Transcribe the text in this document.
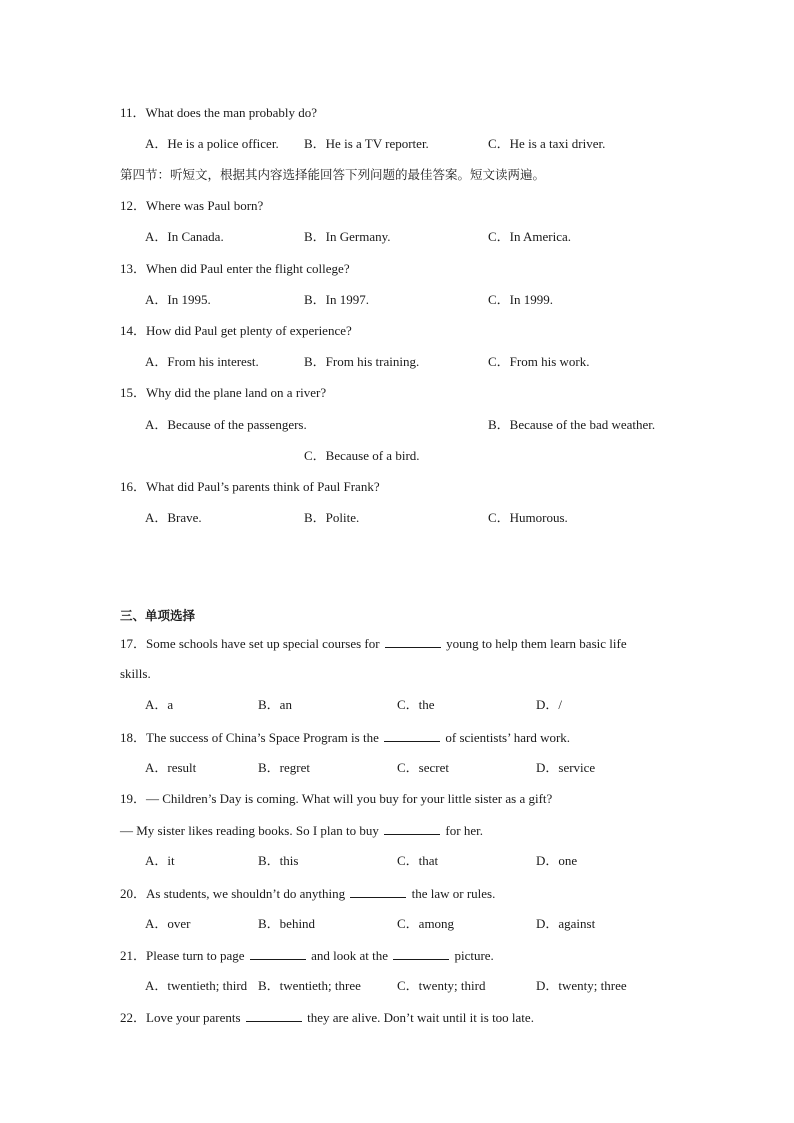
11．What does the man probably do?
A．He is a police officer. B．He is a TV reporter.	C．He is a taxi driver.
第四节：听短文，根据其内容选择能回答下列问题的最佳答案。短文读两遍。
12．Where was Paul born?
A．In Canada.	B．In Germany.	C．In America.
13．When did Paul enter the flight college?
A．In 1995.	B．In 1997.	C．In 1999.
14．How did Paul get plenty of experience?
A．From his interest.	B．From his training.	C．From his work.
15．Why did the plane land on a river?
A．Because of the passengers.	B．Because of the bad weather.
C．Because of a bird.
16．What did Paul’s parents think of Paul Frank?
A．Brave.	B．Polite.	C．Humorous.
三、单项选择
17．Some schools have set up special courses for	young to help them learn basic life
skills.
A．a	B．an	C．the	D．/
18．The success of China’s Space Program is the	of scientists’ hard work.
A．result	B．regret	C．secret	D．service
19．— Children’s Day is coming. What will you buy for your little sister as a gift?
— My sister likes reading books. So I plan to buy	for her.
A．it	B．this	C．that	D．one
20．As students, we shouldn’t do anything	the law or rules.
A．over	B．behind	C．among	D．against
21．Please turn to page	and look at the	picture.
A．twentieth; third B．twentieth; three	C．twenty; third	D．twenty; three
22．Love your parents	they are alive. Don’t wait until it is too late.
